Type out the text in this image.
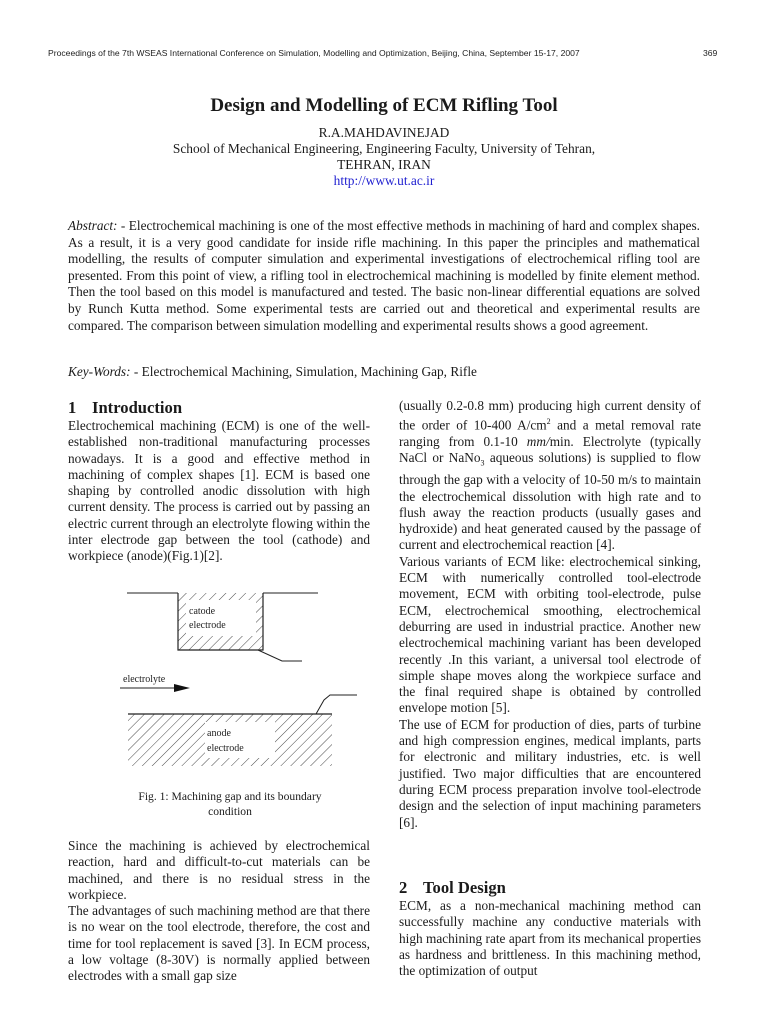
Proceedings of the 7th WSEAS International Conference on Simulation, Modelling and Optimization, Beijing, China, September 15-17, 2007	369
Design and Modelling of ECM Rifling Tool
R.A.MAHDAVINEJAD
School of Mechanical Engineering, Engineering Faculty, University of Tehran,
TEHRAN, IRAN
http://www.ut.ac.ir
Abstract: - Electrochemical machining is one of the most effective methods in machining of hard and complex shapes. As a result, it is a very good candidate for inside rifle machining. In this paper the principles and mathematical modelling, the results of computer simulation and experimental investigations of electrochemical rifling tool are presented. From this point of view, a rifling tool in electrochemical machining is modelled by finite element method. Then the tool based on this model is manufactured and tested. The basic non-linear differential equations are solved by Runch Kutta method. Some experimental tests are carried out and theoretical and experimental results are compared. The comparison between simulation modelling and experimental results shows a good agreement.
Key-Words: - Electrochemical Machining, Simulation, Machining Gap, Rifle
1 Introduction

Electrochemical machining (ECM) is one of the well-established non-traditional manufacturing processes nowadays. It is a good and effective method in machining of complex shapes [1]. ECM is based one shaping by controlled anodic dissolution with high current density. The process is carried out by passing an electric current through an electrolyte flowing within the inter electrode gap between the tool (cathode) and workpiece (anode)(Fig.1)[2].

catode
electrode
electrolyte
anode
electrode
Fig. 1: Machining gap and its boundary
condition

Since the machining is achieved by electrochemical reaction, hard and difficult-to-cut materials can be machined, and there is no residual stress in the workpiece.

The advantages of such machining method are that there is no wear on the tool electrode, therefore, the cost and time for tool replacement is saved [3]. In ECM process, a low voltage (8-30V) is normally applied between electrodes with a small gap size

(usually 0.2-0.8 mm) producing high current density of the order of 10-400 $A/cm^2$ and a metal removal rate ranging from 0.1-10 mm/min. Electrolyte (typically NaCl or NaNo$_3$ aqueous solutions) is supplied to flow through the gap with a velocity of 10-50 m/s to maintain the electrochemical dissolution with high rate and to flush away the reaction products (usually gases and hydroxide) and heat generated caused by the passage of current and electrochemical reaction [4].

Various variants of ECM like: electrochemical sinking, ECM with numerically controlled tool-electrode movement, ECM with orbiting tool-electrode, pulse ECM, electrochemical smoothing, electrochemical deburring are used in industrial practice. Another new electrochemical machining variant has been developed recently .In this variant, a universal tool electrode of simple shape moves along the workpiece surface and the final required shape is obtained by controlled envelope motion [5].

The use of ECM for production of dies, parts of turbine and high compression engines, medical implants, parts for electronic and military industries, etc. is well justified. Two major difficulties that are encountered during ECM process preparation involve tool-electrode design and the selection of input machining parameters [6].

2 Tool Design

ECM, as a non-mechanical machining method can successfully machine any conductive materials with high machining rate apart from its mechanical properties as hardness and brittleness. In this machining method, the optimization of output
